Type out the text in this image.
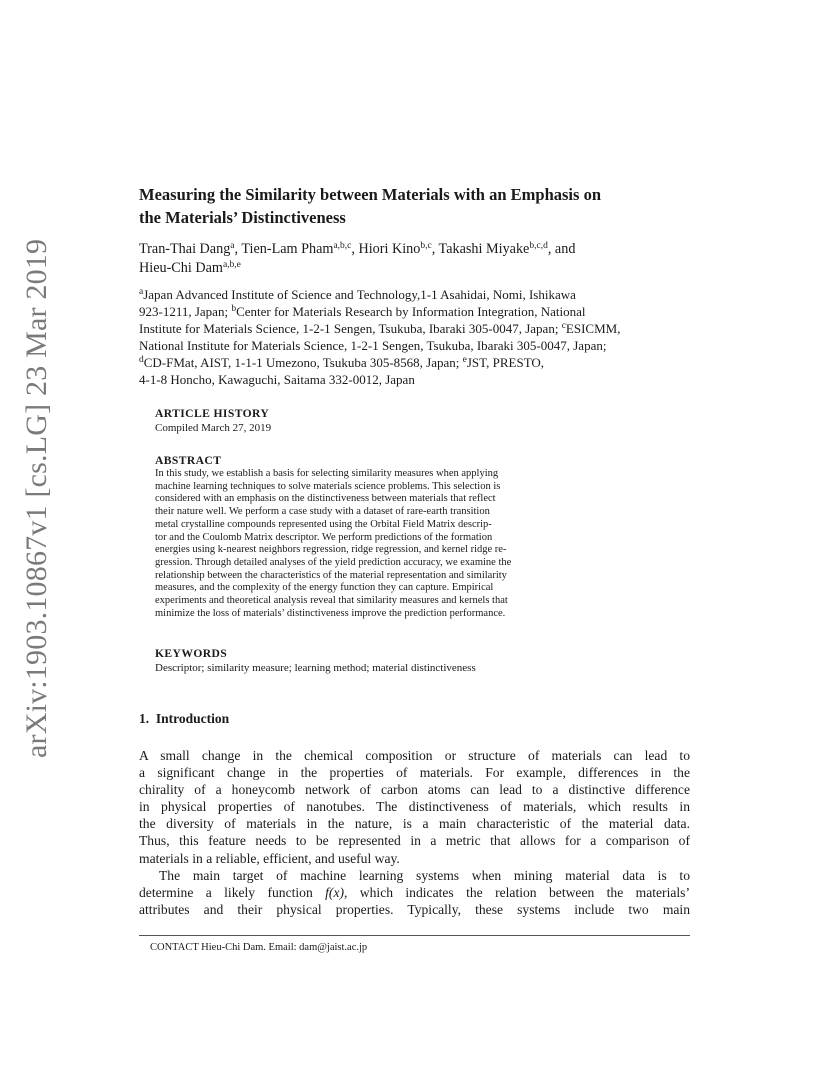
arXiv:1903.10867v1 [cs.LG] 23 Mar 2019
Measuring the Similarity between Materials with an Emphasis on
the Materials’ Distinctiveness
Tran-Thai Dang$^a$, Tien-Lam Pham$^{a,b,c}$, Hiori Kino$^{b,c}$, Takashi Miyake$^{b,c,d}$, and
Hieu-Chi Dam$^{a,b,e}$
$^a$Japan Advanced Institute of Science and Technology,1-1 Asahidai, Nomi, Ishikawa
923-1211, Japan; $^b$Center for Materials Research by Information Integration, National
Institute for Materials Science, 1-2-1 Sengen, Tsukuba, Ibaraki 305-0047, Japan; $^c$ESICMM,
National Institute for Materials Science, 1-2-1 Sengen, Tsukuba, Ibaraki 305-0047, Japan;
$^d$CD-FMat, AIST, 1-1-1 Umezono, Tsukuba 305-8568, Japan; $^e$JST, PRESTO,
4-1-8 Honcho, Kawaguchi, Saitama 332-0012, Japan
ARTICLE HISTORY
Compiled March 27, 2019
ABSTRACT
In this study, we establish a basis for selecting similarity measures when applying
machine learning techniques to solve materials science problems. This selection is
considered with an emphasis on the distinctiveness between materials that reflect
their nature well. We perform a case study with a dataset of rare-earth transition
metal crystalline compounds represented using the Orbital Field Matrix descrip-
tor and the Coulomb Matrix descriptor. We perform predictions of the formation
energies using k-nearest neighbors regression, ridge regression, and kernel ridge re-
gression. Through detailed analyses of the yield prediction accuracy, we examine the
relationship between the characteristics of the material representation and similarity
measures, and the complexity of the energy function they can capture. Empirical
experiments and theoretical analysis reveal that similarity measures and kernels that
minimize the loss of materials’ distinctiveness improve the prediction performance.
KEYWORDS
Descriptor; similarity measure; learning method; material distinctiveness
1. Introduction
A small change in the chemical composition or structure of materials can lead to
a significant change in the properties of materials. For example, differences in the
chirality of a honeycomb network of carbon atoms can lead to a distinctive difference
in physical properties of nanotubes. The distinctiveness of materials, which results in
the diversity of materials in the nature, is a main characteristic of the material data.
Thus, this feature needs to be represented in a metric that allows for a comparison of
materials in a reliable, efficient, and useful way.
The main target of machine learning systems when mining material data is to
determine a likely function f(x), which indicates the relation between the materials’
attributes and their physical properties. Typically, these systems include two main
CONTACT Hieu-Chi Dam. Email: dam@jaist.ac.jp
